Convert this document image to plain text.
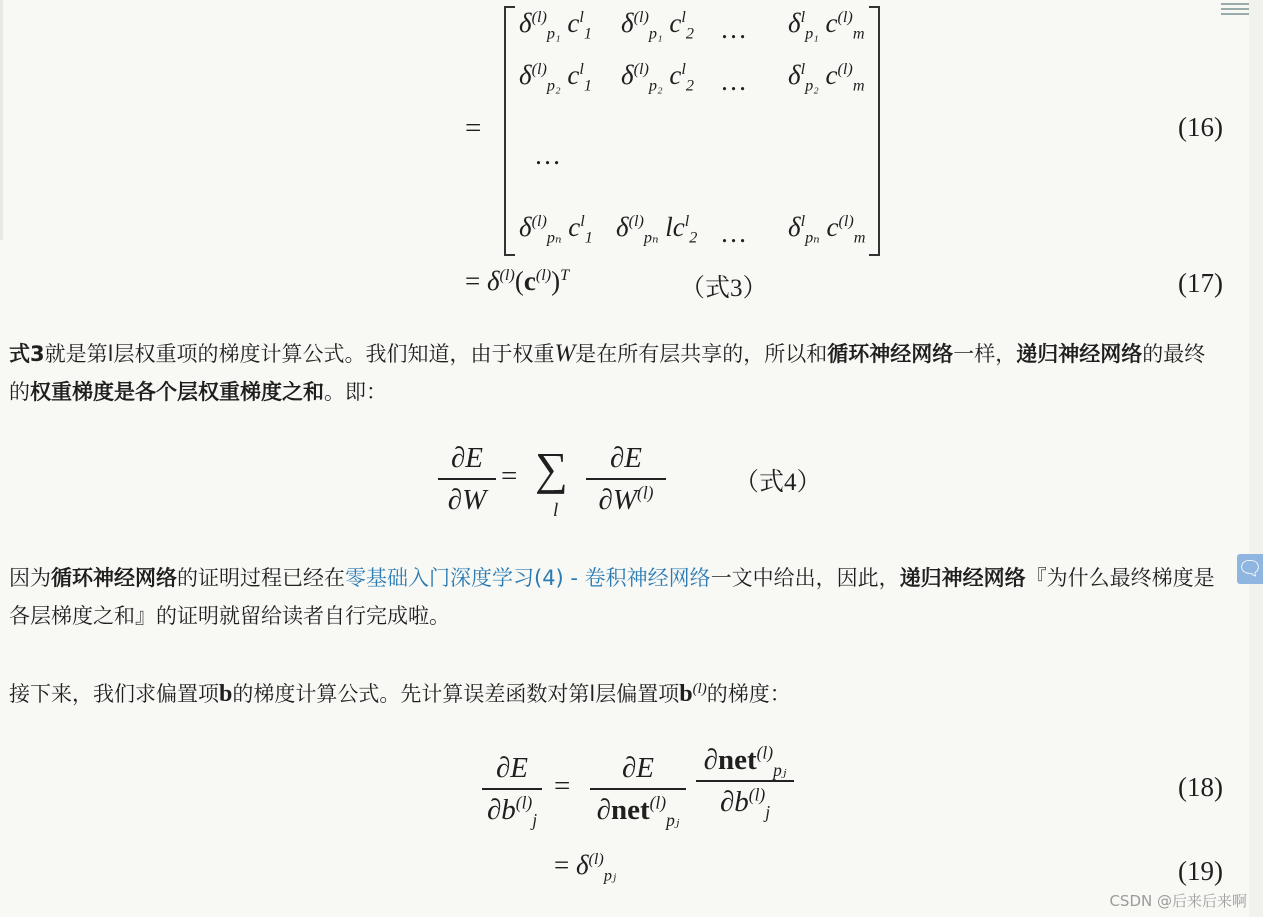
=
$\delta^{(l)}_{p_1}$ $c^l_1$ $\delta^{(l)}_{p_1}$ $c^l_2$ … $\delta^l_{p_1}$ $c^{(l)}_m$
$\delta^{(l)}_{p_2}$ $c^l_1$ $\delta^{(l)}_{p_2}$ $c^l_2$ … $\delta^l_{p_2}$ $c^{(l)}_m$
…
$\delta^{(l)}_{p_n}$ $c^l_1$ $\delta^{(l)}_{p_n}$ $lc^l_2$ … $\delta^l_{p_n}$ $c^{(l)}_m$
(16)
= $\delta^{(l)}(c^{(l)})^T$	（式3）	(17)
式3就是第l层权重项的梯度计算公式。我们知道，由于权重W是在所有层共享的，所以和循环神经网络一样，递归神经网络的最终的权重梯度是各个层权重梯度之和。即：
∂E
∂W
= ∑
l
∂E
$\partial W^{(l)}$	（式4）
因为循环神经网络的证明过程已经在零基础入门深度学习(4) - 卷积神经网络一文中给出，因此，递归神经网络『为什么最终梯度是各层梯度之和』的证明就留给读者自行完成啦。
接下来，我们求偏置项b的梯度计算公式。先计算误差函数对第l层偏置项$b^{(l)}$的梯度：
∂E
$\partial b^{(l)}_j$
=
∂E
∂net$^{(l)}_{pⱼ}$
∂net$^{(l)}_{pⱼ}$
$\partial b^{(l)}_j$
(18)
= $\delta^{(l)}_{pⱼ}$	(19)
🗨
CSDN @后来后来啊
